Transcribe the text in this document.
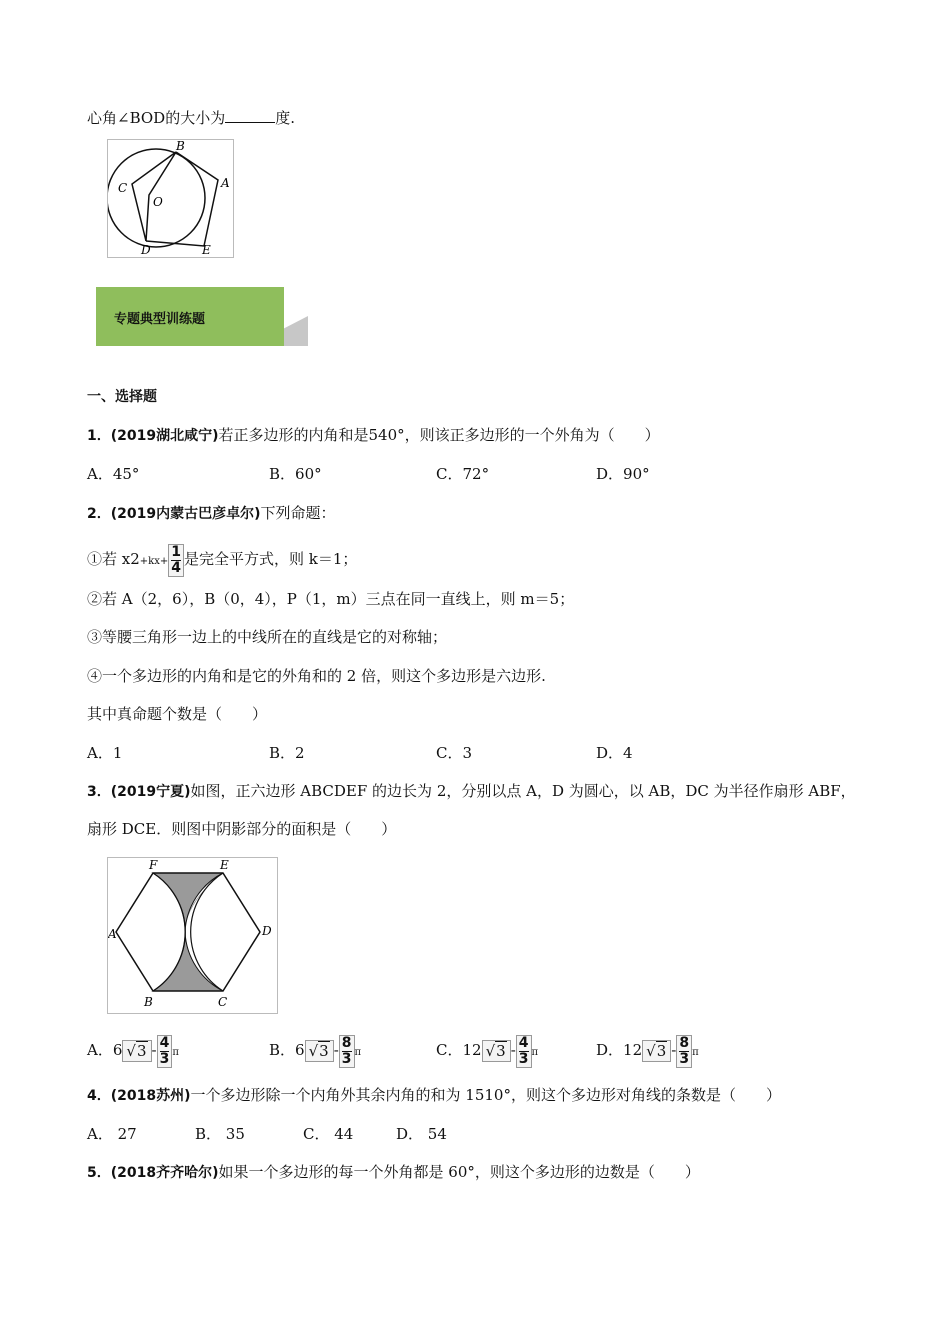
心角∠BOD的大小为	度.
B
A
C
O
D	E
专题典型训练题
一、选择题
1．(2019湖北咸宁)若正多边形的内角和是540°，则该正多边形的一个外角为（　　）
A．45°	B．60°	C．72°	D．90°
2．(2019内蒙古巴彦卓尔)下列命题：
①若 $x2+kx+ \frac{1}{4}$ 是完全平方式，则 k＝1；
②若 A（2，6），B（0，4），P（1，m）三点在同一直线上，则 m＝5；
③等腰三角形一边上的中线所在的直线是它的对称轴；
④一个多边形的内角和是它的外角和的 2 倍，则这个多边形是六边形.
其中真命题个数是（　　）
A．1	B．2	C．3	D．4
3．(2019宁夏)如图，正六边形 ABCDEF 的边长为 2，分别以点 A，D 为圆心，以 AB，DC 为半径作扇形 ABF，
扇形 DCE．则图中阴影部分的面积是（　　）
F	E
A	D
B	C
A．6 $√3 - \frac{4}{3}$ π	B．6 $√3 - \frac{8}{3}$ π	C．12 $√3 - \frac{4}{3}$ π	D．12 $√3 - \frac{8}{3}$ π
4．(2018苏州)一个多边形除一个内角外其余内角的和为 1510°，则这个多边形对角线的条数是（　　）
A． 27	B． 35	C． 44	D． 54
5．(2018齐齐哈尔)如果一个多边形的每一个外角都是 60°，则这个多边形的边数是（　　）
